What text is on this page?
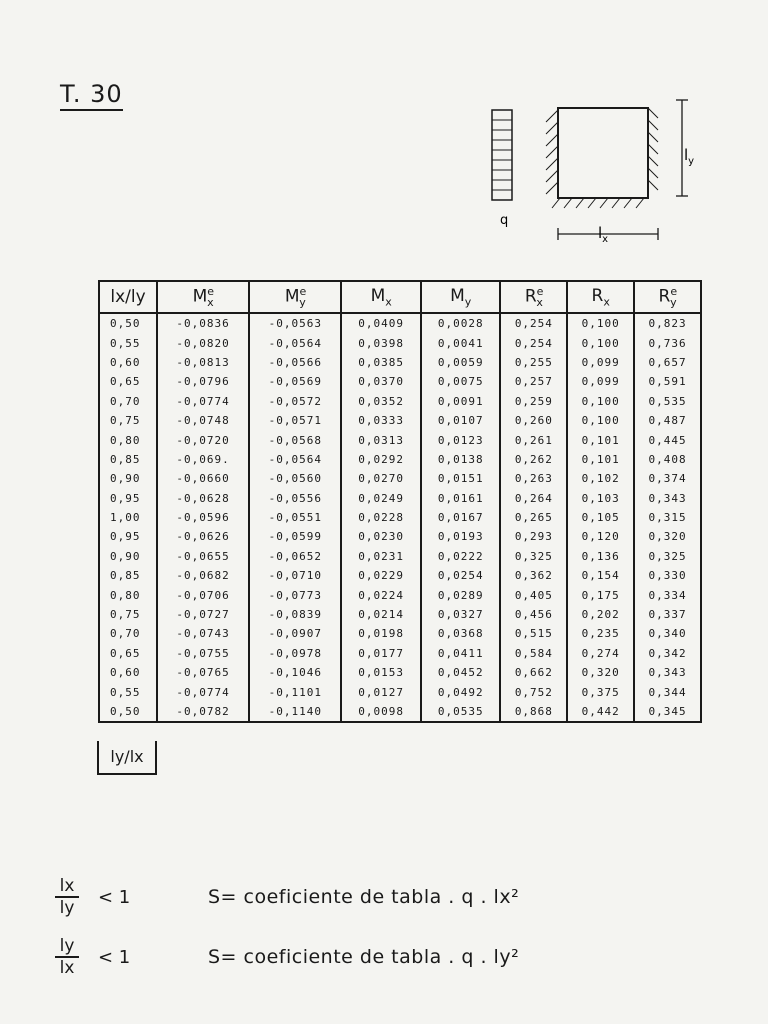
T. 30
q
$l_y$
$l_x$
lx/ly	$M^e_x$	$M^e_y$	$M_x$	$M_y$	$R^e_x$	$R_x$	$R^e_y$
0,50	-0,0836	-0,0563	0,0409	0,0028	0,254	0,100	0,823
0,55	-0,0820	-0,0564	0,0398	0,0041	0,254	0,100	0,736
0,60	-0,0813	-0,0566	0,0385	0,0059	0,255	0,099	0,657
0,65	-0,0796	-0,0569	0,0370	0,0075	0,257	0,099	0,591
0,70	-0,0774	-0,0572	0,0352	0,0091	0,259	0,100	0,535
0,75	-0,0748	-0,0571	0,0333	0,0107	0,260	0,100	0,487
0,80	-0,0720	-0,0568	0,0313	0,0123	0,261	0,101	0,445
0,85	-0,069.	-0,0564	0,0292	0,0138	0,262	0,101	0,408
0,90	-0,0660	-0,0560	0,0270	0,0151	0,263	0,102	0,374
0,95	-0,0628	-0,0556	0,0249	0,0161	0,264	0,103	0,343
1,00	-0,0596	-0,0551	0,0228	0,0167	0,265	0,105	0,315
0,95	-0,0626	-0,0599	0,0230	0,0193	0,293	0,120	0,320
0,90	-0,0655	-0,0652	0,0231	0,0222	0,325	0,136	0,325
0,85	-0,0682	-0,0710	0,0229	0,0254	0,362	0,154	0,330
0,80	-0,0706	-0,0773	0,0224	0,0289	0,405	0,175	0,334
0,75	-0,0727	-0,0839	0,0214	0,0327	0,456	0,202	0,337
0,70	-0,0743	-0,0907	0,0198	0,0368	0,515	0,235	0,340
0,65	-0,0755	-0,0978	0,0177	0,0411	0,584	0,274	0,342
0,60	-0,0765	-0,1046	0,0153	0,0452	0,662	0,320	0,343
0,55	-0,0774	-0,1101	0,0127	0,0492	0,752	0,375	0,344
0,50	-0,0782	-0,1140	0,0098	0,0535	0,868	0,442	0,345
ly/lx
$\frac{lx}{ly} < 1$	S= coeficiente de tabla . q . lx²
$\frac{ly}{lx} < 1$	S= coeficiente de tabla . q . ly²
